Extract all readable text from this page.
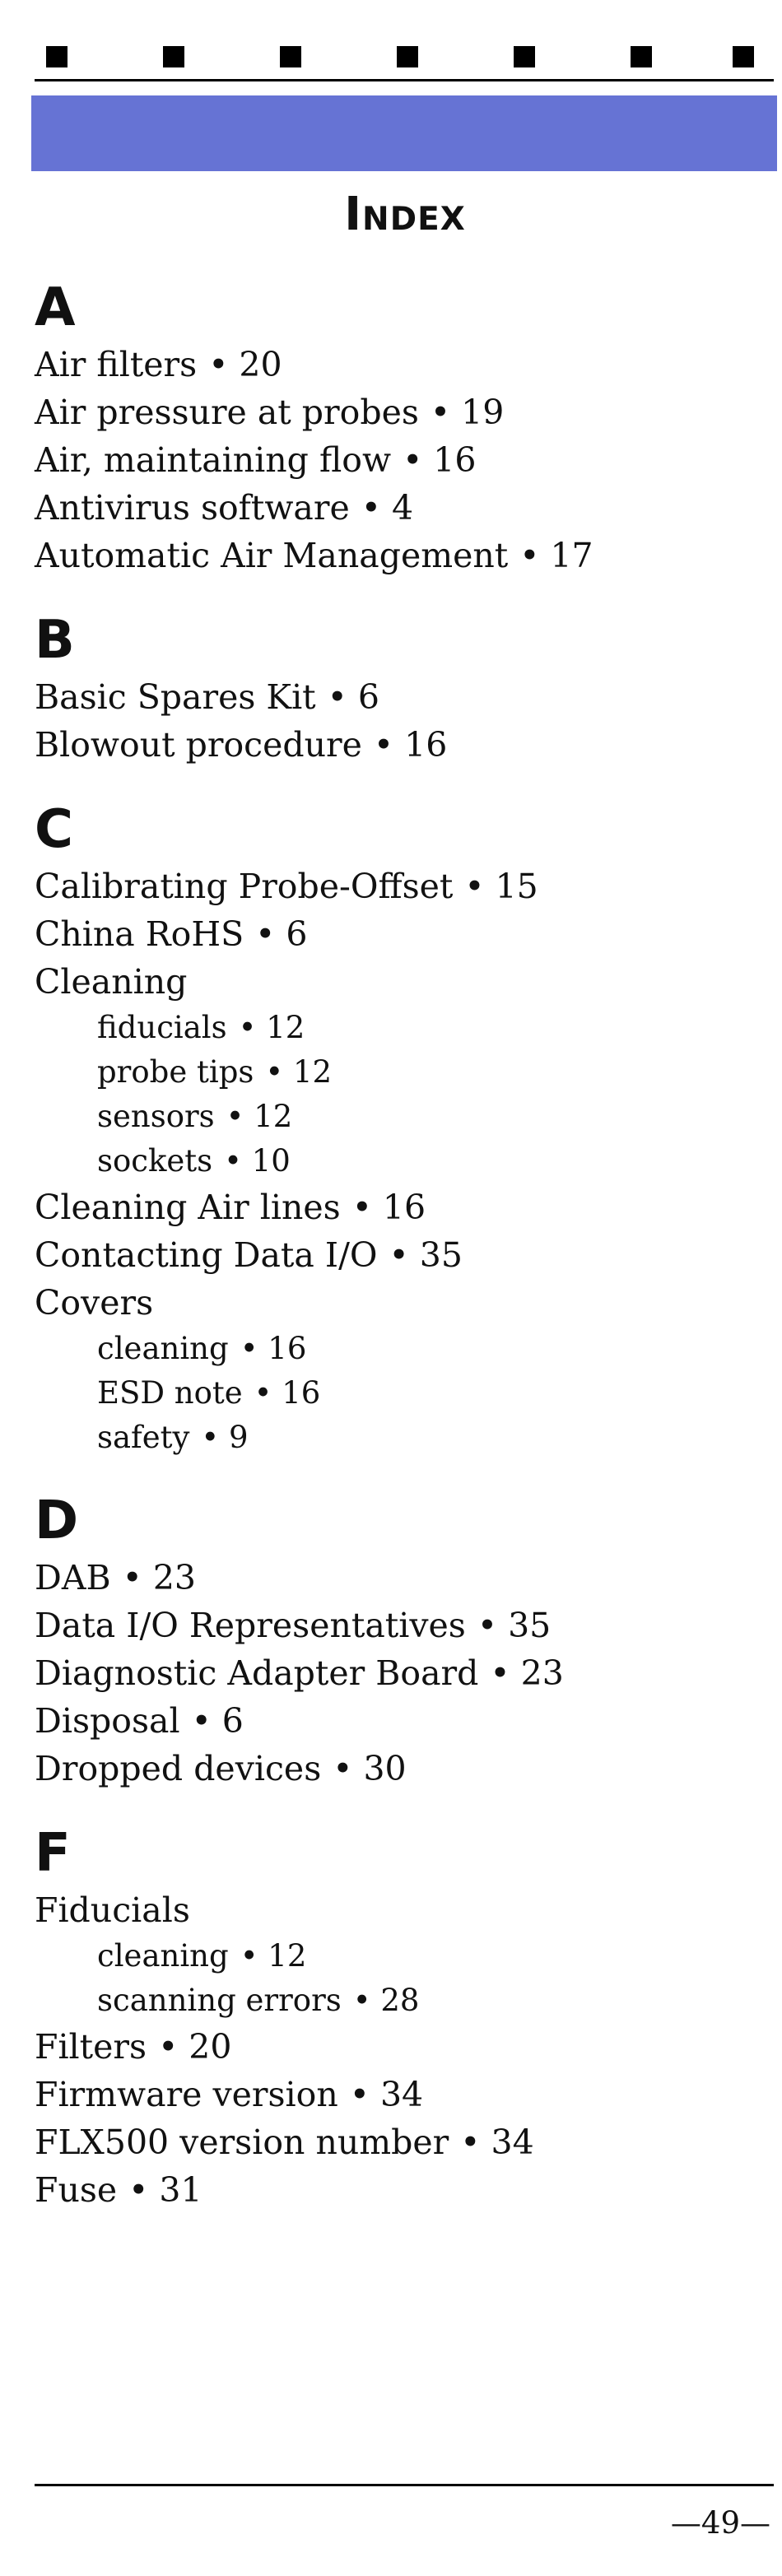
Index
A
Air filters • 20
Air pressure at probes • 19
Air, maintaining flow • 16
Antivirus software • 4
Automatic Air Management • 17
B
Basic Spares Kit • 6
Blowout procedure • 16
C
Calibrating Probe-Offset • 15
China RoHS • 6
Cleaning
fiducials • 12
probe tips • 12
sensors • 12
sockets • 10
Cleaning Air lines • 16
Contacting Data I/O • 35
Covers
cleaning • 16
ESD note • 16
safety • 9
D
DAB • 23
Data I/O Representatives • 35
Diagnostic Adapter Board • 23
Disposal • 6
Dropped devices • 30
F
Fiducials
cleaning • 12
scanning errors • 28
Filters • 20
Firmware version • 34
FLX500 version number • 34
Fuse • 31
—49—
